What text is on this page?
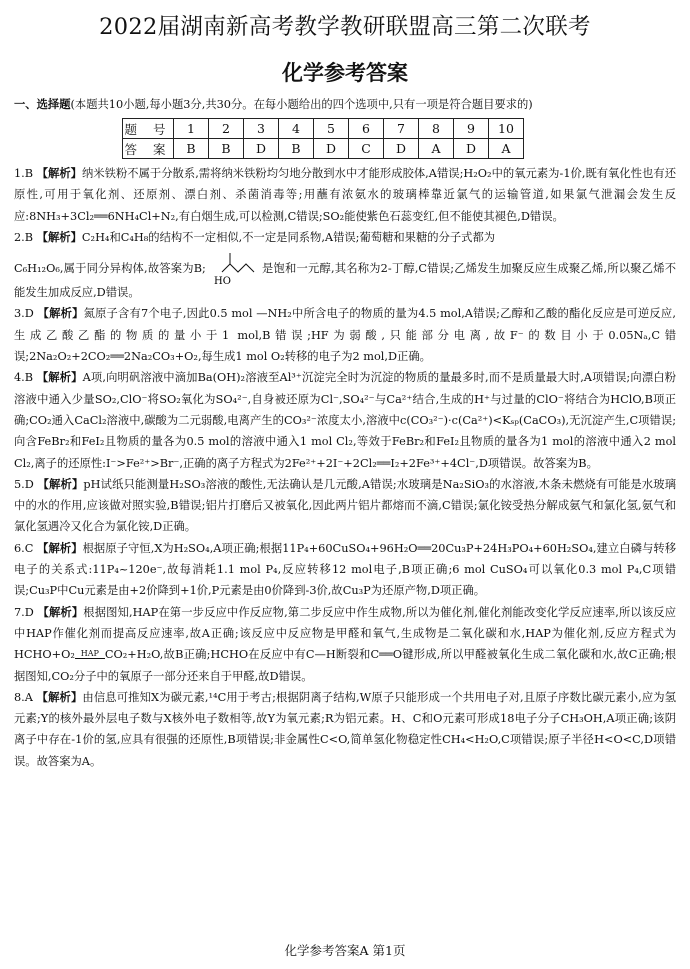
2022届湖南新高考教学教研联盟高三第二次联考
化学参考答案
一、选择题(本题共10小题,每小题3分,共30分。在每小题给出的四个选项中,只有一项是符合题目要求的)
题 号	1	2	3	4	5	6	7	8	9	10
答 案	B	B	D	B	D	C	D	A	D	A

1.B 【解析】纳米铁粉不属于分散系,需将纳米铁粉均匀地分散到水中才能形成胶体,A错误;H₂O₂中的氧元素为-1价,既有氧化性也有还原性,可用于氧化剂、还原剂、漂白剂、杀菌消毒等;用蘸有浓氨水的玻璃棒靠近氯气的运输管道,如果氯气泄漏会发生反应:8NH₃+3Cl₂══6NH₄Cl+N₂,有白烟生成,可以检测,C错误;SO₂能使紫色石蕊变红,但不能使其褪色,D错误。

2.B 【解析】C₂H₄和C₄H₈的结构不一定相似,不一定是同系物,A错误;葡萄糖和果糖的分子式都为
C₆H₁₂O₆,属于同分异构体,故答案为B;
HO
是饱和一元醇,其名称为2-丁醇,C错误;乙烯发生加聚反应生成聚乙烯,所以聚乙烯不能发生加成反应,D错误。

3.D 【解析】氮原子含有7个电子,因此0.5 mol —NH₂中所含电子的物质的量为4.5 mol,A错误;乙醇和乙酸的酯化反应是可逆反应,生成乙酸乙酯的物质的量小于1 mol,B错误;HF为弱酸,只能部分电离,故F⁻的数目小于0.05Nₐ,C错误;2Na₂O₂+2CO₂══2Na₂CO₃+O₂,每生成1 mol O₂转移的电子为2 mol,D正确。

4.B 【解析】A项,向明矾溶液中滴加Ba(OH)₂溶液至Al³⁺沉淀完全时为沉淀的物质的量最多时,而不是质量最大时,A项错误;向漂白粉溶液中通入少量SO₂,ClO⁻将SO₂氧化为SO₄²⁻,自身被还原为Cl⁻,SO₄²⁻与Ca²⁺结合,生成的H⁺与过量的ClO⁻将结合为HClO,B项正确;CO₂通入CaCl₂溶液中,碳酸为二元弱酸,电离产生的CO₃²⁻浓度太小,溶液中c(CO₃²⁻)·c(Ca²⁺)<Kₛₚ(CaCO₃),无沉淀产生,C项错误;向含FeBr₂和FeI₂且物质的量各为0.5 mol的溶液中通入1 mol Cl₂,等效于FeBr₂和FeI₂且物质的量各为1 mol的溶液中通入2 mol Cl₂,离子的还原性:I⁻>Fe²⁺>Br⁻,正确的离子方程式为2Fe²⁺+2I⁻+2Cl₂══I₂+2Fe³⁺+4Cl⁻,D项错误。故答案为B。

5.D 【解析】pH试纸只能测量H₂SO₃溶液的酸性,无法确认是几元酸,A错误;水玻璃是Na₂SiO₃的水溶液,木条未燃烧有可能是水玻璃中的水的作用,应该做对照实验,B错误;铝片打磨后又被氧化,因此两片铝片都熔而不滴,C错误;氯化铵受热分解成氨气和氯化氢,氨气和氯化氢遇冷又化合为氯化铵,D正确。

6.C 【解析】根据原子守恒,X为H₂SO₄,A项正确;根据11P₄+60CuSO₄+96H₂O══20Cu₃P+24H₃PO₄+60H₂SO₄,建立白磷与转移电子的关系式:11P₄~120e⁻,故每消耗1.1 mol P₄,反应转移12 mol电子,B项正确;6 mol CuSO₄可以氧化0.3 mol P₄,C项错误;Cu₃P中Cu元素是由+2价降到+1价,P元素是由0价降到-3价,故Cu₃P为还原产物,D项正确。

7.D 【解析】根据图知,HAP在第一步反应中作反应物,第二步反应中作生成物,所以为催化剂,催化剂能改变化学反应速率,所以该反应中HAP作催化剂而提高反应速率,故A正确;该反应中反应物是甲醛和氧气,生成物是二氧化碳和水,HAP为催化剂,反应方程式为HCHO+O₂ HAP CO₂+H₂O,故B正确;HCHO在反应中有C—H断裂和C══O键形成,所以甲醛被氧化生成二氧化碳和水,故C正确;根据图知,CO₂分子中的氧原子一部分还来自于甲醛,故D错误。

8.A 【解析】由信息可推知X为碳元素,¹⁴C用于考古;根据阴离子结构,W原子只能形成一个共用电子对,且原子序数比碳元素小,应为氢元素;Y的核外最外层电子数与X核外电子数相等,故Y为氧元素;R为铝元素。H、C和O元素可形成18电子分子CH₃OH,A项正确;该阴离子中存在-1价的氢,应具有很强的还原性,B项错误;非金属性C<O,简单氢化物稳定性CH₄<H₂O,C项错误;原子半径H<O<C,D项错误。故答案为A。

化学参考答案A 第1页
